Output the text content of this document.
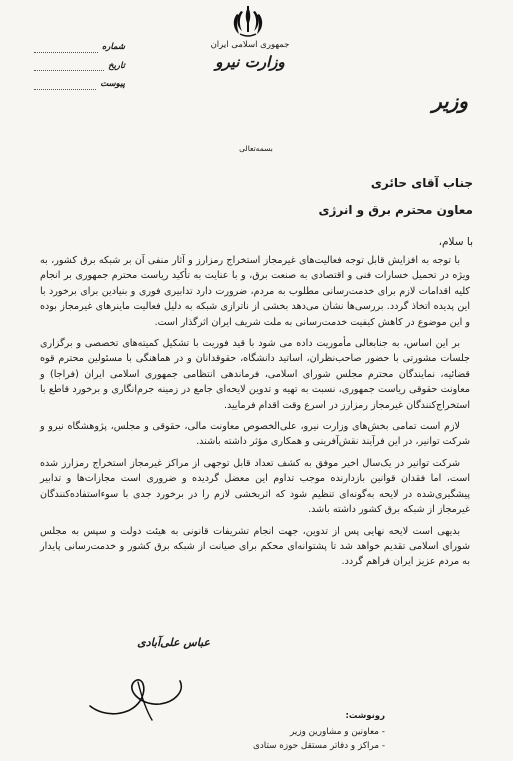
جمهوری اسلامی ایران
وزارت نیرو
شماره
تاریخ
پیوست
وزیر
بسمه‌تعالی
جناب آقای حائری
معاون محترم برق و انرژی
با سلام،

با توجه به افزایش قابل توجه فعالیت‌های غیرمجاز استخراج رمزارز و آثار منفی آن بر شبکه برق کشور، به ویژه در تحمیل خسارات فنی و اقتصادی به صنعت برق، و با عنایت به تأکید ریاست محترم جمهوری بر انجام کلیه اقدامات لازم برای خدمت‌رسانی مطلوب به مردم، ضرورت دارد تدابیری فوری و بنیادین برای برخورد با این پدیده اتخاذ گردد. بررسی‌ها نشان می‌دهد بخشی از ناترازی شبکه به دلیل فعالیت ماینرهای غیرمجاز بوده و این موضوع در کاهش کیفیت خدمت‌رسانی به ملت شریف ایران اثرگذار است.

بر این اساس، به جنابعالی مأموریت داده می شود با قید فوریت با تشکیل کمیته‌های تخصصی و برگزاری جلسات مشورتی با حضور صاحب‌نظران، اساتید دانشگاه، حقوقدانان و در هماهنگی با مسئولین محترم قوه قضائیه، نمایندگان محترم مجلس شورای اسلامی، فرماندهی انتظامی جمهوری اسلامی ایران (فراجا) و معاونت حقوقی ریاست جمهوری، نسبت به تهیه و تدوین لایحه‌ای جامع در زمینه جرم‌انگاری و برخورد قاطع با استخراج‌کنندگان غیرمجاز رمزارز در اسرع وقت اقدام فرمایید.

لازم است تمامی بخش‌های وزارت نیرو، علی‌الخصوص معاونت مالی، حقوقی و مجلس، پژوهشگاه نیرو و شرکت توانیر، در این فرآیند نقش‌آفرینی و همکاری مؤثر داشته باشند.

شرکت توانیر در یک‌سال اخیر موفق به کشف تعداد قابل توجهی از مراکز غیرمجاز استخراج رمزارز شده است، اما فقدان قوانین بازدارنده موجب تداوم این معضل گردیده و ضروری است مجازات‌ها و تدابیر پیشگیری‌شده در لایحه به‌گونه‌ای تنظیم شود که اثربخشی لازم را در برخورد جدی با سوءاستفاده‌کنندگان غیرمجاز از شبکه برق کشور داشته باشد.

بدیهی است لایحه نهایی پس از تدوین، جهت انجام تشریفات قانونی به هیئت دولت و سپس به مجلس شورای اسلامی تقدیم خواهد شد تا پشتوانه‌ای محکم برای صیانت از شبکه برق کشور و خدمت‌رسانی پایدار به مردم عزیز ایران فراهم گردد.

عباس علی‌آبادی
رونوشت:
- معاونین و مشاورین وزیر
- مراکز و دفاتر مستقل حوزه ستادی
